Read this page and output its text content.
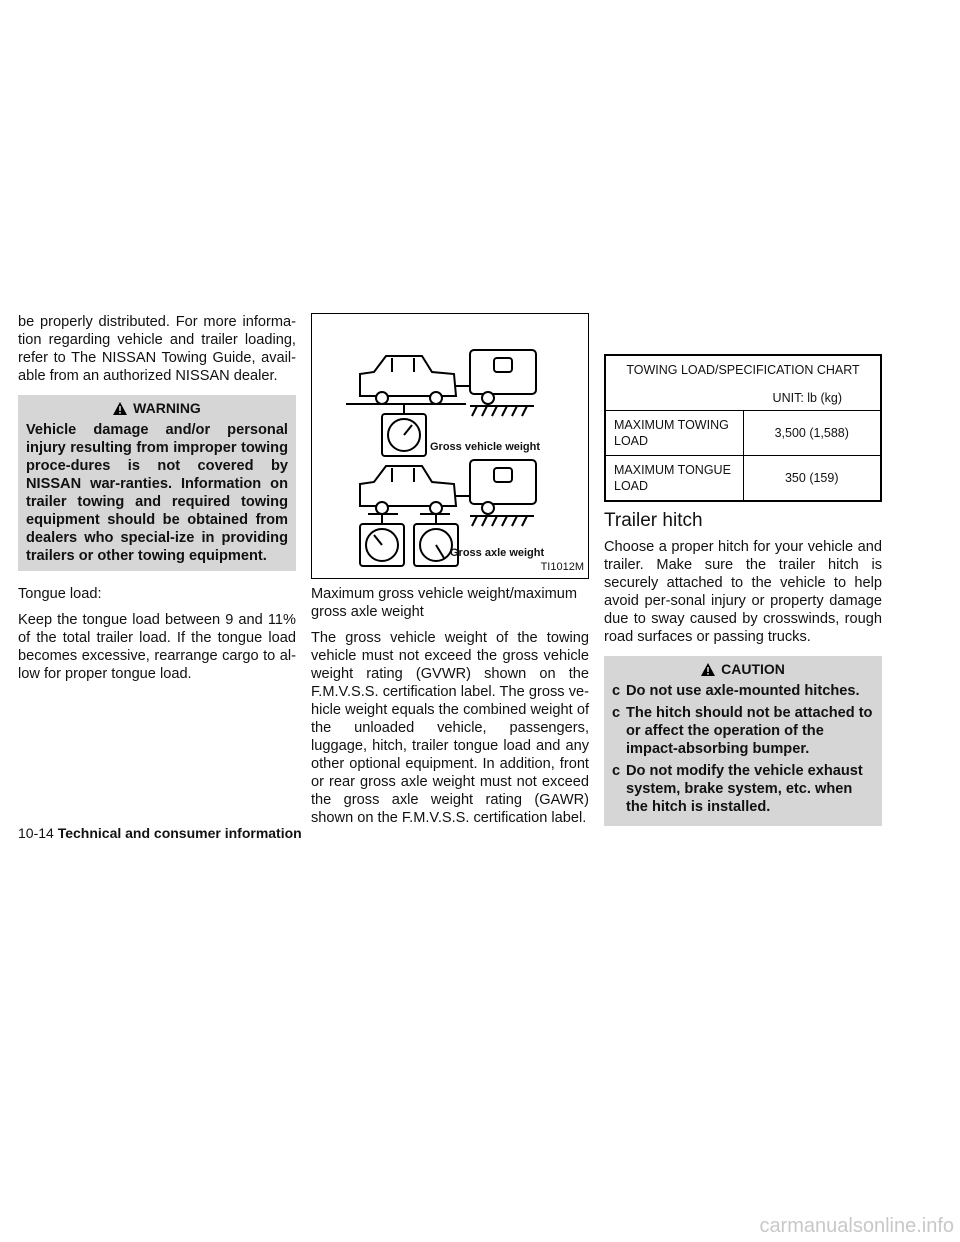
be properly distributed. For more informa-tion regarding vehicle and trailer loading, refer to The NISSAN Towing Guide, avail-able from an authorized NISSAN dealer.

WARNING
Vehicle damage and/or personal injury resulting from improper towing proce-dures is not covered by NISSAN war-ranties. Information on trailer towing and required towing equipment should be obtained from dealers who special-ize in providing trailers or other towing equipment.

Tongue load:

Keep the tongue load between 9 and 11% of the total trailer load. If the tongue load becomes excessive, rearrange cargo to al-low for proper tongue load.

Gross vehicle weight
Gross axle weight
TI1012M

Maximum gross vehicle weight/maximum gross axle weight

The gross vehicle weight of the towing vehicle must not exceed the gross vehicle weight rating (GVWR) shown on the F.M.V.S.S. certification label. The gross ve-hicle weight equals the combined weight of the unloaded vehicle, passengers, luggage, hitch, trailer tongue load and any other optional equipment. In addition, front or rear gross axle weight must not exceed the gross axle weight rating (GAWR) shown on the F.M.V.S.S. certification label.

TOWING LOAD/SPECIFICATION CHART
UNIT: lb (kg)	

MAXIMUM TOWING LOAD	3,500 (1,588)
MAXIMUM TONGUE LOAD	350 (159)
Trailer hitch

Choose a proper hitch for your vehicle and trailer. Make sure the trailer hitch is securely attached to the vehicle to help avoid per-sonal injury or property damage due to sway caused by crosswinds, rough road surfaces or passing trucks.

CAUTION
c Do not use axle-mounted hitches.
c The hitch should not be attached to or affect the operation of the impact-absorbing bumper.
c Do not modify the vehicle exhaust system, brake system, etc. when the hitch is installed.
10-14 Technical and consumer information
carmanualsonline.info
